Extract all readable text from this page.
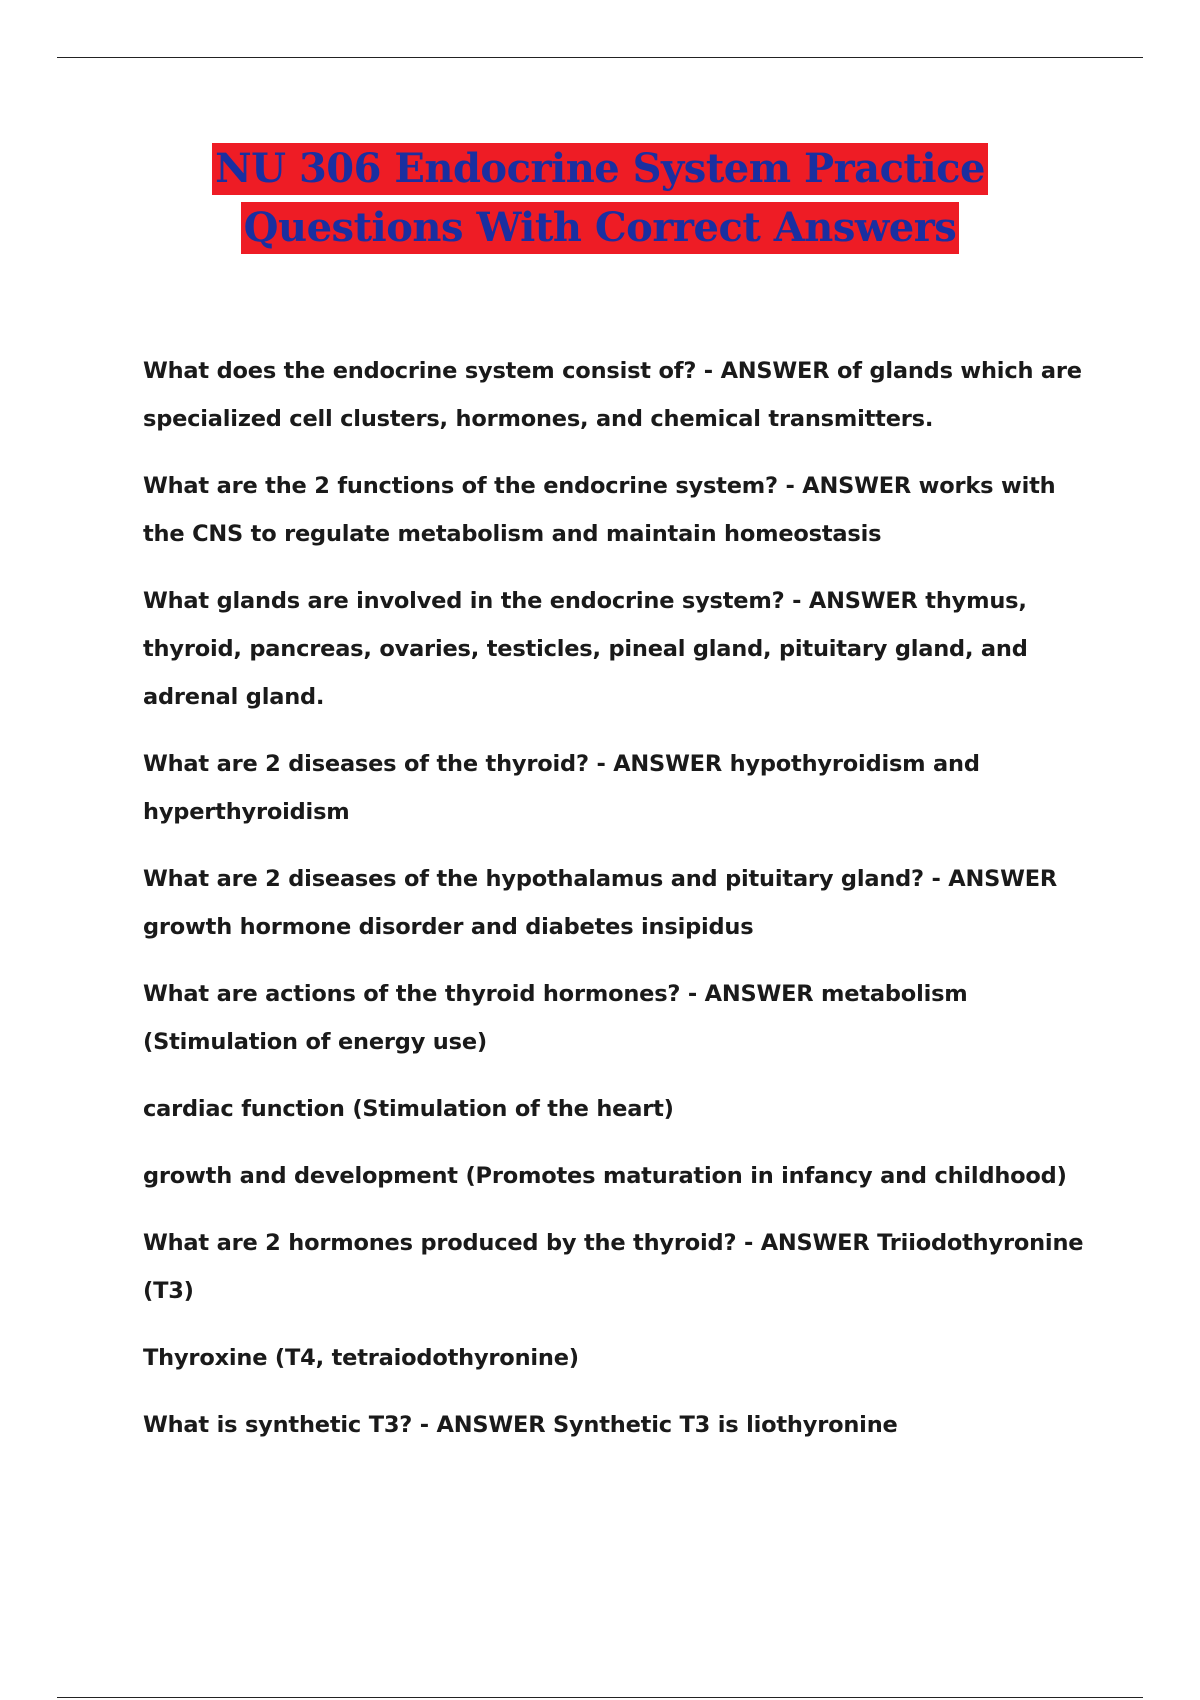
NU 306 Endocrine System Practice
Questions With Correct Answers

What does the endocrine system consist of? - ANSWER of glands which are specialized cell clusters, hormones, and chemical transmitters.

What are the 2 functions of the endocrine system? - ANSWER works with the CNS to regulate metabolism and maintain homeostasis

What glands are involved in the endocrine system? - ANSWER thymus, thyroid, pancreas, ovaries, testicles, pineal gland, pituitary gland, and adrenal gland.

What are 2 diseases of the thyroid? - ANSWER hypothyroidism and hyperthyroidism

What are 2 diseases of the hypothalamus and pituitary gland? - ANSWER growth hormone disorder and diabetes insipidus

What are actions of the thyroid hormones? - ANSWER metabolism (Stimulation of energy use)

cardiac function (Stimulation of the heart)

growth and development (Promotes maturation in infancy and childhood)

What are 2 hormones produced by the thyroid? - ANSWER Triiodothyronine (T3)

Thyroxine (T4, tetraiodothyronine)

What is synthetic T3? - ANSWER Synthetic T3 is liothyronine
